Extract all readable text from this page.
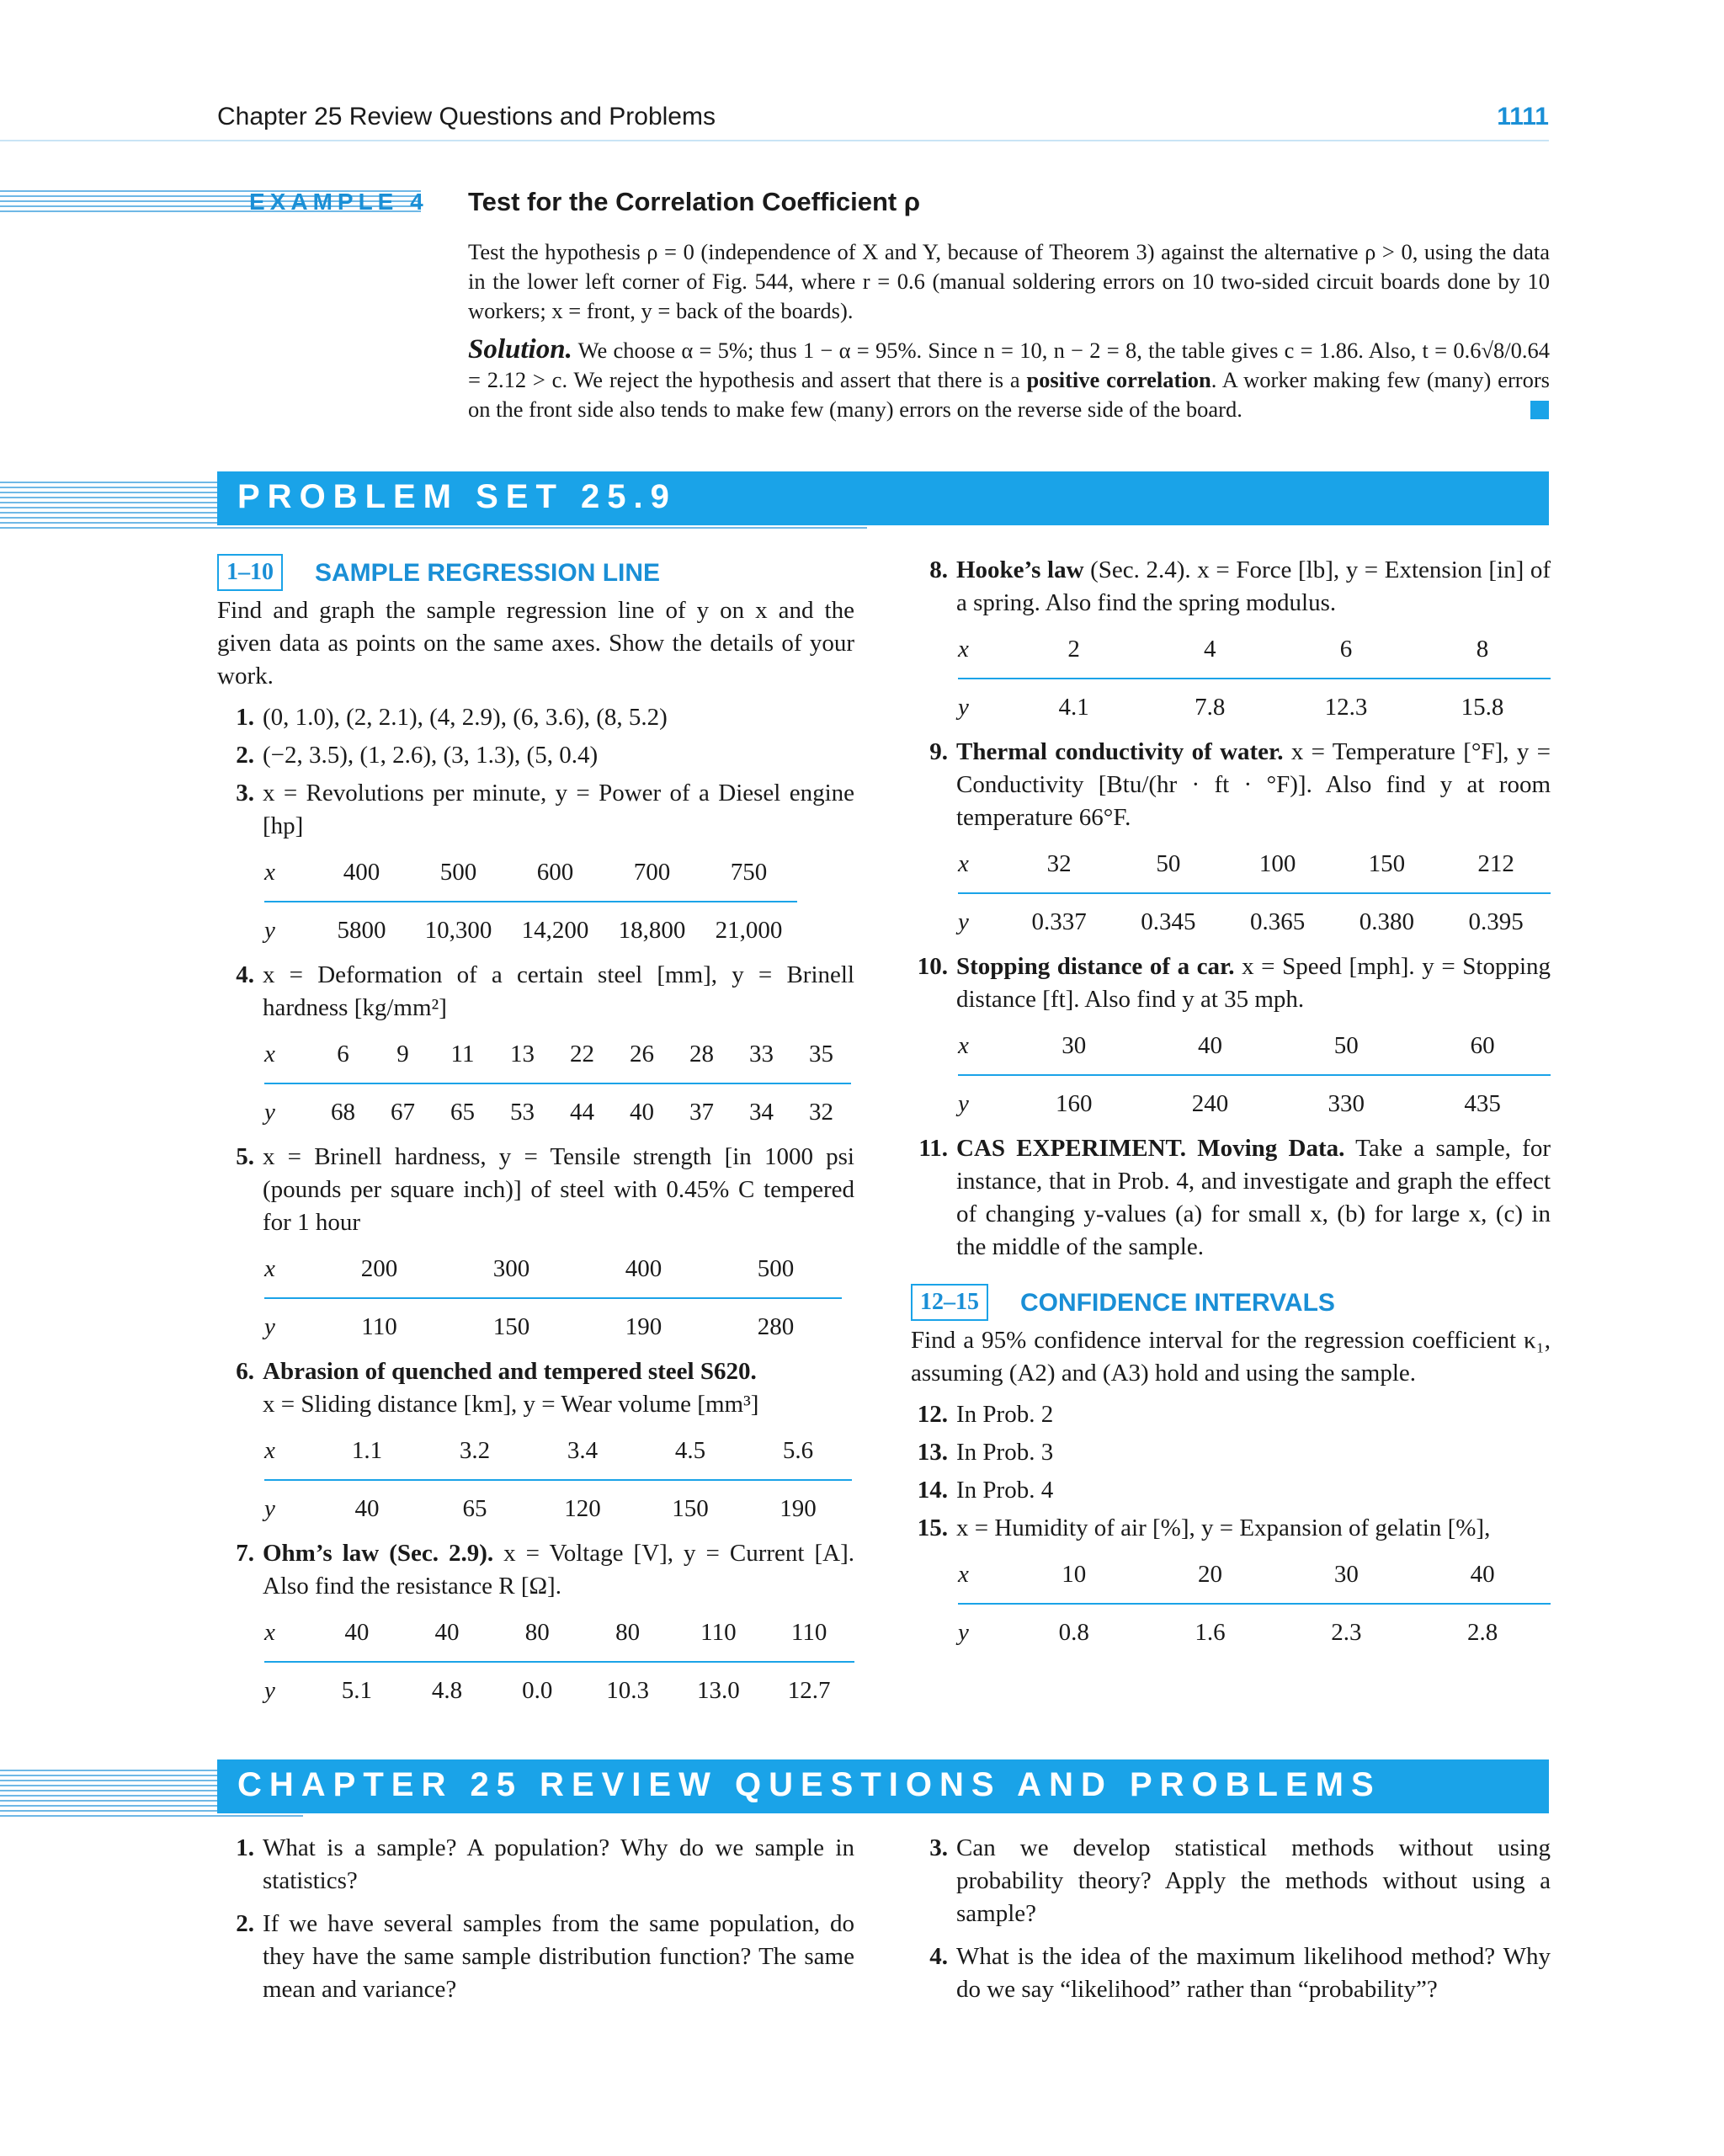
Chapter 25 Review Questions and Problems	1111
EXAMPLE 4 Test for the Correlation Coefficient ρ
Test the hypothesis ρ = 0 (independence of X and Y, because of Theorem 3) against the alternative ρ > 0, using the data in the lower left corner of Fig. 544, where r = 0.6 (manual soldering errors on 10 two-sided circuit boards done by 10 workers; x = front, y = back of the boards).
Solution. We choose α = 5%; thus 1 − α = 95%. Since n = 10, n − 2 = 8, the table gives c = 1.86. Also, t = 0.6√8/0.64 = 2.12 > c. We reject the hypothesis and assert that there is a positive correlation. A worker making few (many) errors on the front side also tends to make few (many) errors on the reverse side of the board.
PROBLEM SET 25.9
1–10	SAMPLE REGRESSION LINE

Find and graph the sample regression line of y on x and the given data as points on the same axes. Show the details of your work.

1. (0, 1.0), (2, 2.1), (4, 2.9), (6, 3.6), (8, 5.2)
2. (−2, 3.5), (1, 2.6), (3, 1.3), (5, 0.4)
3. x = Revolutions per minute, y = Power of a Diesel engine [hp]
x	400	500	600	700	750
y	5800	10,300	14,200	18,800	21,000
4. x = Deformation of a certain steel [mm], y = Brinell hardness [kg/mm²]
x	6	9	11	13	22	26	28	33	35
y	68	67	65	53	44	40	37	34	32
5. x = Brinell hardness, y = Tensile strength [in 1000 psi (pounds per square inch)] of steel with 0.45% C tempered for 1 hour
x	200	300	400	500
y	110	150	190	280
6. Abrasion of quenched and tempered steel S620.
x = Sliding distance [km], y = Wear volume [mm³]
x	1.1	3.2	3.4	4.5	5.6
y	40	65	120	150	190
7. Ohm’s law (Sec. 2.9). x = Voltage [V], y = Current [A]. Also find the resistance R [Ω].
x	40	40	80	80	110	110
y	5.1	4.8	0.0	10.3	13.0	12.7
8. Hooke’s law (Sec. 2.4). x = Force [lb], y = Extension [in] of a spring. Also find the spring modulus.
x	2	4	6	8
y	4.1	7.8	12.3	15.8
9. Thermal conductivity of water. x = Temperature [°F], y = Conductivity [Btu/(hr · ft · °F)]. Also find y at room temperature 66°F.
x	32	50	100	150	212
y	0.337	0.345	0.365	0.380	0.395
10. Stopping distance of a car. x = Speed [mph]. y = Stopping distance [ft]. Also find y at 35 mph.
x	30	40	50	60
y	160	240	330	435
11. CAS EXPERIMENT. Moving Data. Take a sample, for instance, that in Prob. 4, and investigate and graph the effect of changing y-values (a) for small x, (b) for large x, (c) in the middle of the sample.
12–15	CONFIDENCE INTERVALS

Find a 95% confidence interval for the regression coefficient κ₁, assuming (A2) and (A3) hold and using the sample.

12. In Prob. 2
13. In Prob. 3
14. In Prob. 4
15. x = Humidity of air [%], y = Expansion of gelatin [%],
x	10	20	30	40
y	0.8	1.6	2.3	2.8
CHAPTER 25 REVIEW QUESTIONS AND PROBLEMS
1. What is a sample? A population? Why do we sample in statistics?
2. If we have several samples from the same population, do they have the same sample distribution function? The same mean and variance?
3. Can we develop statistical methods without using probability theory? Apply the methods without using a sample?
4. What is the idea of the maximum likelihood method? Why do we say “likelihood” rather than “probability”?
